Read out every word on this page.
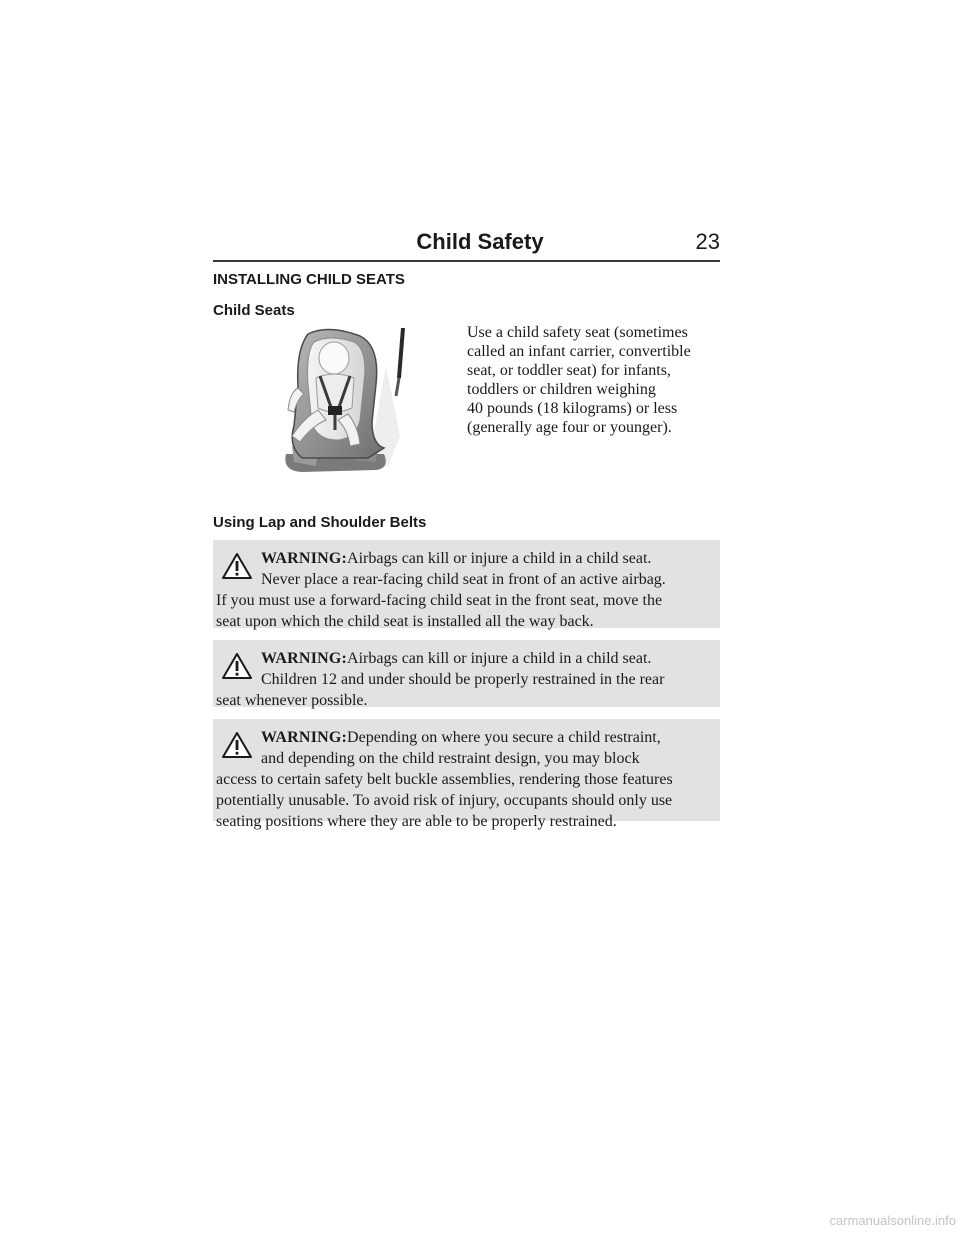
Child Safety	23
INSTALLING CHILD SEATS
Child Seats
Use a child safety seat (sometimes
called an infant carrier, convertible
seat, or toddler seat) for infants,
toddlers or children weighing
40 pounds (18 kilograms) or less
(generally age four or younger).
Using Lap and Shoulder Belts
WARNING:Airbags can kill or injure a child in a child seat.
Never place a rear-facing child seat in front of an active airbag.
If you must use a forward-facing child seat in the front seat, move the
seat upon which the child seat is installed all the way back.
WARNING:Airbags can kill or injure a child in a child seat.
Children 12 and under should be properly restrained in the rear
seat whenever possible.
WARNING:Depending on where you secure a child restraint,
and depending on the child restraint design, you may block
access to certain safety belt buckle assemblies, rendering those features
potentially unusable. To avoid risk of injury, occupants should only use
seating positions where they are able to be properly restrained.
carmanualsonline.info
